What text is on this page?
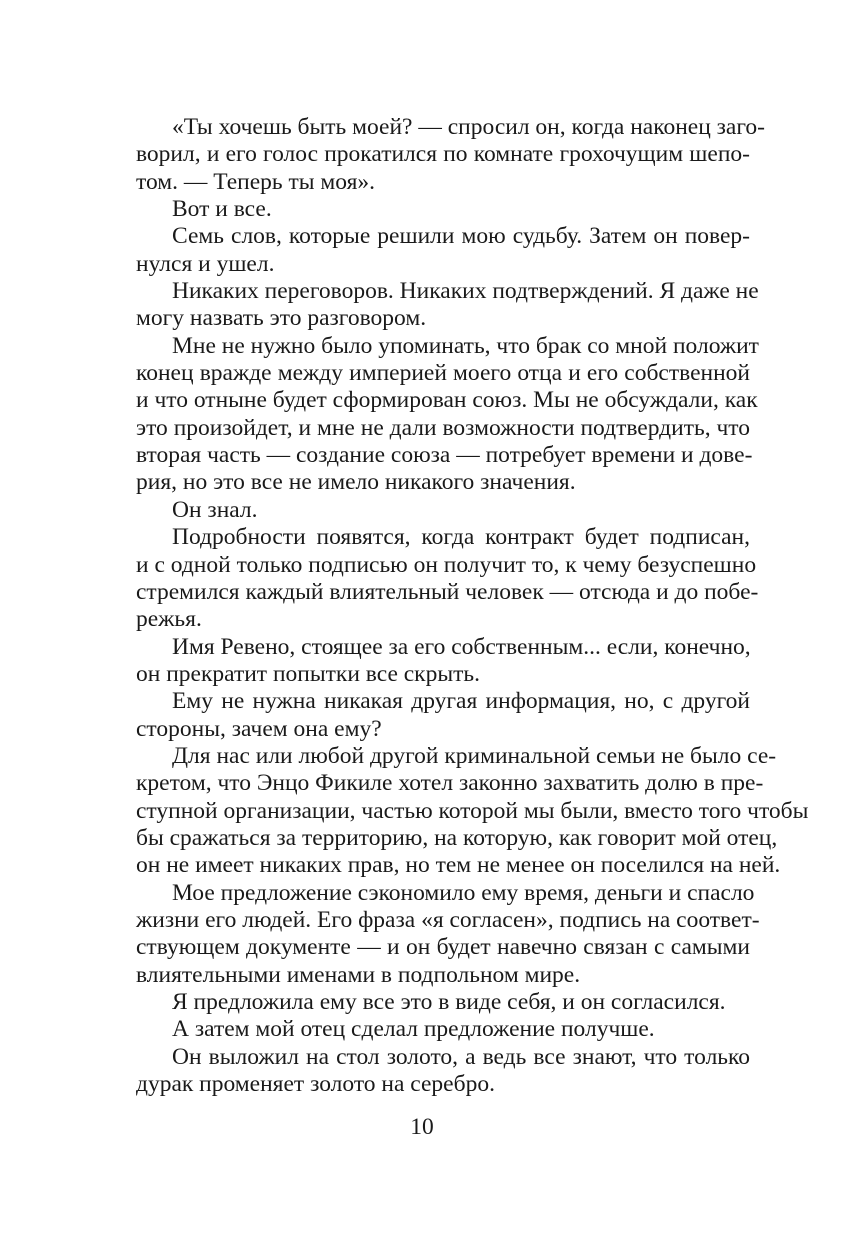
«Ты хочешь быть моей? — спросил он, когда наконец заго-
ворил, и его голос прокатился по комнате грохочущим шепо-
том. — Теперь ты моя».
Вот и все.
Семь слов, которые решили мою судьбу. Затем он повер-
нулся и ушел.
Никаких переговоров. Никаких подтверждений. Я даже не
могу назвать это разговором.
Мне не нужно было упоминать, что брак со мной положит
конец вражде между империей моего отца и его собственной
и что отныне будет сформирован союз. Мы не обсуждали, как
это произойдет, и мне не дали возможности подтвердить, что
вторая часть — создание союза — потребует времени и дове-
рия, но это все не имело никакого значения.
Он знал.
Подробности появятся, когда контракт будет подписан,
и с одной только подписью он получит то, к чему безуспешно
стремился каждый влиятельный человек — отсюда и до побе-
режья.
Имя Ревено, стоящее за его собственным... если, конечно,
он прекратит попытки все скрыть.
Ему не нужна никакая другая информация, но, с другой
стороны, зачем она ему?
Для нас или любой другой криминальной семьи не было се-
кретом, что Энцо Фикиле хотел законно захватить долю в пре-
ступной организации, частью которой мы были, вместо того чтобы
бы сражаться за территорию, на которую, как говорит мой отец,
он не имеет никаких прав, но тем не менее он поселился на ней.
Мое предложение сэкономило ему время, деньги и спасло
жизни его людей. Его фраза «я согласен», подпись на соответ-
ствующем документе — и он будет навечно связан с самыми
влиятельными именами в подпольном мире.
Я предложила ему все это в виде себя, и он согласился.
А затем мой отец сделал предложение получше.
Он выложил на стол золото, а ведь все знают, что только
дурак променяет золото на серебро.
10
